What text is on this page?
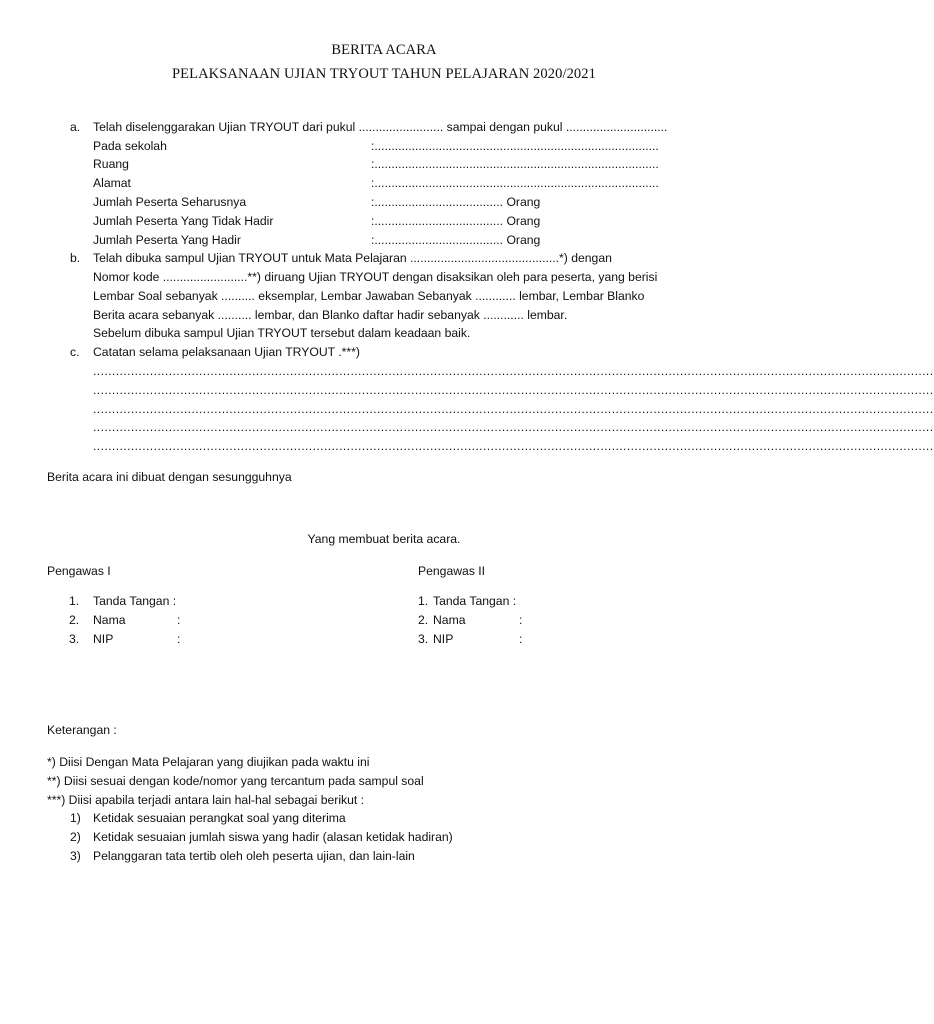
BERITA ACARA
PELAKSANAAN UJIAN TRYOUT TAHUN PELAJARAN 2020/2021
a. Telah diselenggarakan Ujian TRYOUT dari pukul ......................... sampai dengan pukul ..............................
Pada sekolah	:....................................................................................
Ruang	:....................................................................................
Alamat	:....................................................................................
Jumlah Peserta Seharusnya	:...................................... Orang
Jumlah Peserta Yang Tidak Hadir	:...................................... Orang
Jumlah Peserta Yang Hadir	:...................................... Orang
b. Telah dibuka sampul Ujian TRYOUT untuk Mata Pelajaran ............................................*) dengan
Nomor kode .........................**) diruang Ujian TRYOUT dengan disaksikan oleh para peserta, yang berisi
Lembar Soal sebanyak .......... eksemplar, Lembar Jawaban Sebanyak ............ lembar, Lembar Blanko
Berita acara sebanyak .......... lembar, dan Blanko daftar hadir sebanyak ............ lembar.
Sebelum dibuka sampul Ujian TRYOUT tersebut dalam keadaan baik.
c. Catatan selama pelaksanaan Ujian TRYOUT .***)
..............................................................................................................................................................................................................................
..............................................................................................................................................................................................................................
..............................................................................................................................................................................................................................
..............................................................................................................................................................................................................................
..............................................................................................................................................................................................................................
Berita acara ini dibuat dengan sesungguhnya
Yang membuat berita acara.
Pengawas I
1. Tanda Tangan :
2. Nama	:
3. NIP	:
Pengawas II
1. Tanda Tangan :
2. Nama	:
3. NIP	:
Keterangan :
*) Diisi Dengan Mata Pelajaran yang diujikan pada waktu ini
**) Diisi sesuai dengan kode/nomor yang tercantum pada sampul soal
***) Diisi apabila terjadi antara lain hal-hal sebagai berikut :
1) Ketidak sesuaian perangkat soal yang diterima
2) Ketidak sesuaian jumlah siswa yang hadir (alasan ketidak hadiran)
3) Pelanggaran tata tertib oleh oleh peserta ujian, dan lain-lain
